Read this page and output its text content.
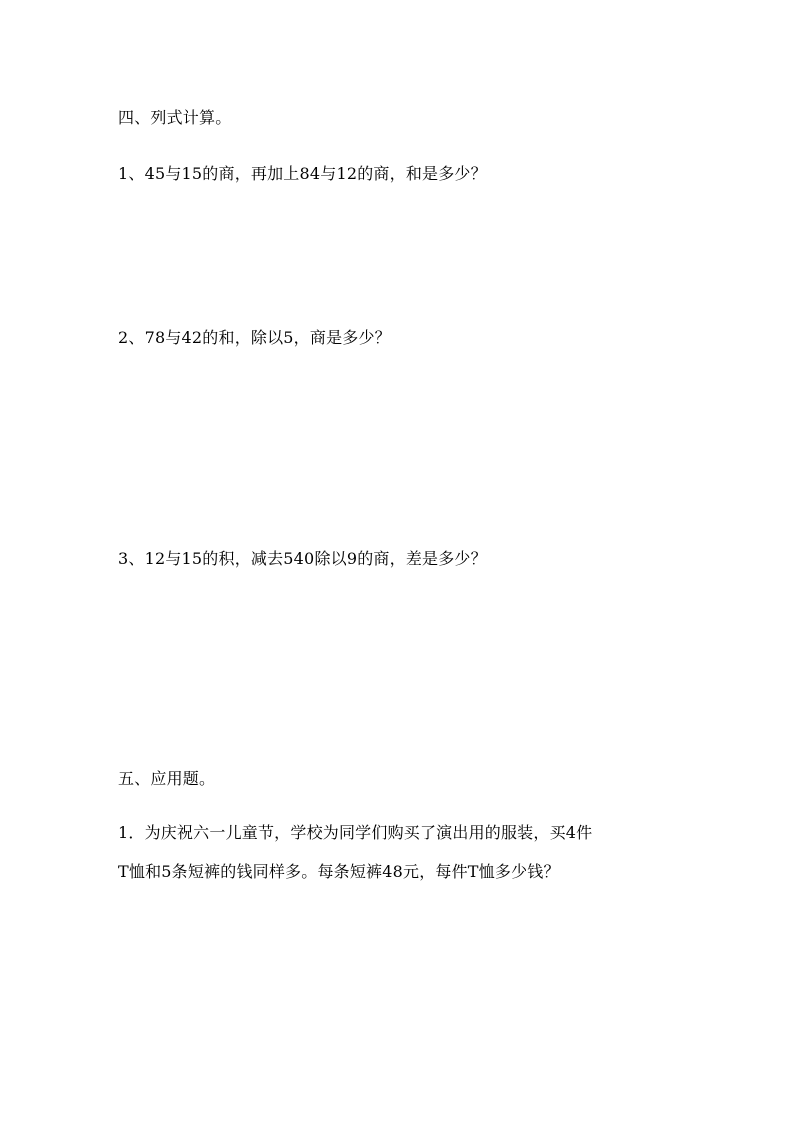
四、列式计算。
1、45与15的商，再加上84与12的商，和是多少？
2、78与42的和，除以5，商是多少？
3、12与15的积，减去540除以9的商，差是多少？
五、应用题。
1．为庆祝六一儿童节，学校为同学们购买了演出用的服装，买4件
T恤和5条短裤的钱同样多。每条短裤48元，每件T恤多少钱？
